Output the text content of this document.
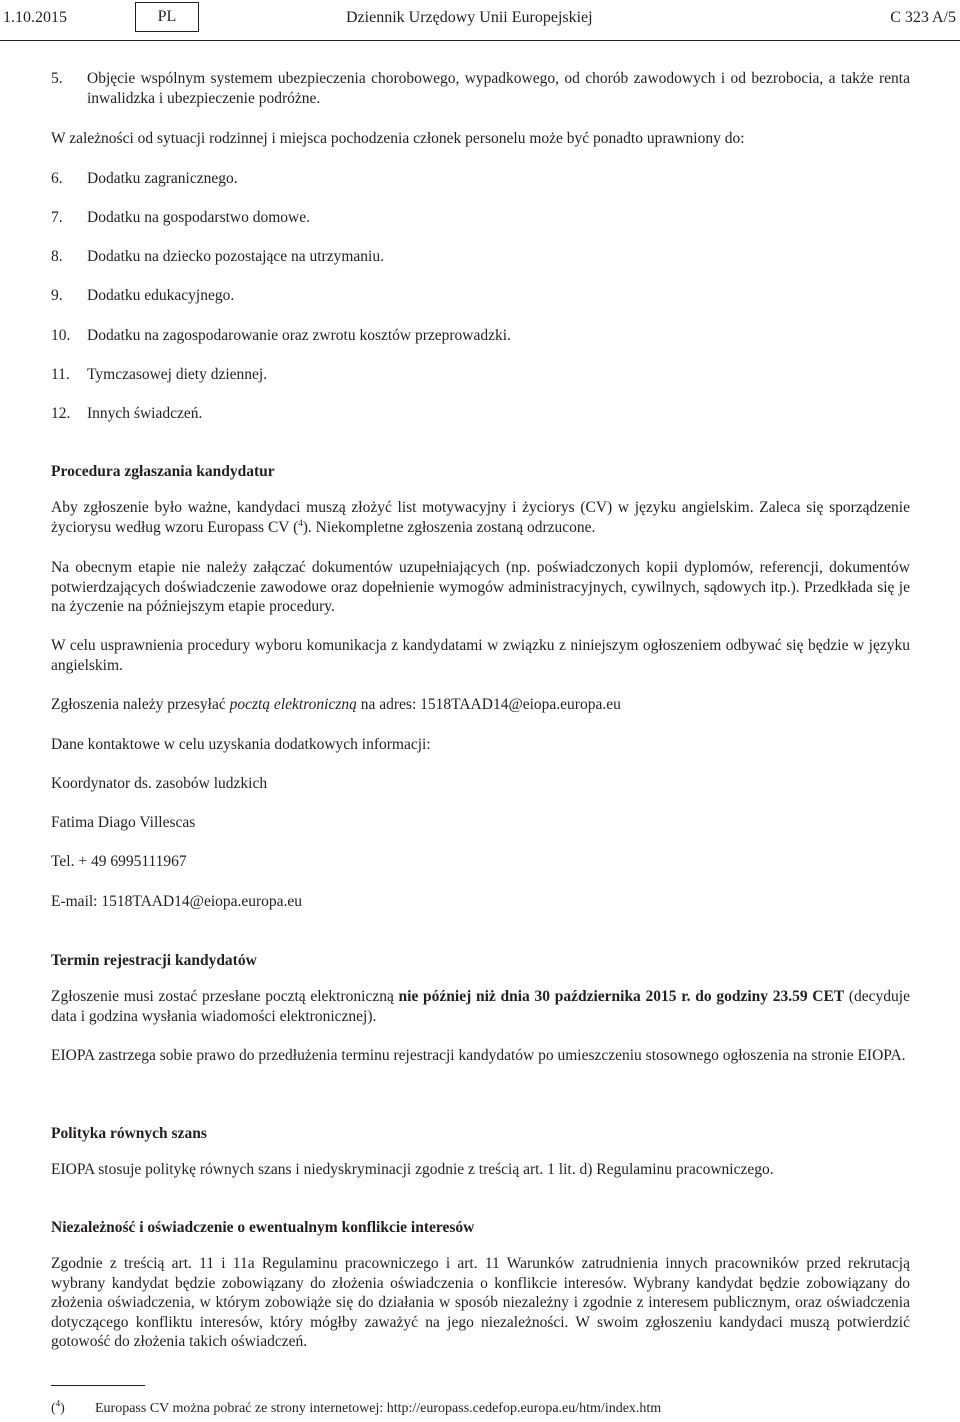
1.10.2015	PL	Dziennik Urzędowy Unii Europejskiej	C 323 A/5
5.	Objęcie wspólnym systemem ubezpieczenia chorobowego, wypadkowego, od chorób zawodowych i od bezrobocia, a także renta inwalidzka i ubezpieczenie podróżne.
W zależności od sytuacji rodzinnej i miejsca pochodzenia członek personelu może być ponadto uprawniony do:
6. Dodatku zagranicznego.
7. Dodatku na gospodarstwo domowe.
8. Dodatku na dziecko pozostające na utrzymaniu.
9. Dodatku edukacyjnego.
10. Dodatku na zagospodarowanie oraz zwrotu kosztów przeprowadzki.
11. Tymczasowej diety dziennej.
12. Innych świadczeń.
Procedura zgłaszania kandydatur
Aby zgłoszenie było ważne, kandydaci muszą złożyć list motywacyjny i życiorys (CV) w języku angielskim. Zaleca się sporządzenie życiorysu według wzoru Europass CV ($^4$). Niekompletne zgłoszenia zostaną odrzucone.
Na obecnym etapie nie należy załączać dokumentów uzupełniających (np. poświadczonych kopii dyplomów, referencji, dokumentów potwierdzających doświadczenie zawodowe oraz dopełnienie wymogów administracyjnych, cywilnych, sądowych itp.). Przedkłada się je na życzenie na późniejszym etapie procedury.
W celu usprawnienia procedury wyboru komunikacja z kandydatami w związku z niniejszym ogłoszeniem odbywać się będzie w języku angielskim.
Zgłoszenia należy przesyłać pocztą elektroniczną na adres: 1518TAAD14@eiopa.europa.eu
Dane kontaktowe w celu uzyskania dodatkowych informacji:
Koordynator ds. zasobów ludzkich
Fatima Diago Villescas
Tel. + 49 6995111967
E-mail: 1518TAAD14@eiopa.europa.eu
Termin rejestracji kandydatów
Zgłoszenie musi zostać przesłane pocztą elektroniczną nie później niż dnia 30 października 2015 r. do godziny 23.59 CET (decyduje data i godzina wysłania wiadomości elektronicznej).
EIOPA zastrzega sobie prawo do przedłużenia terminu rejestracji kandydatów po umieszczeniu stosownego ogłoszenia na stronie EIOPA.
Polityka równych szans
EIOPA stosuje politykę równych szans i niedyskryminacji zgodnie z treścią art. 1 lit. d) Regulaminu pracowniczego.
Niezależność i oświadczenie o ewentualnym konflikcie interesów
Zgodnie z treścią art. 11 i 11a Regulaminu pracowniczego i art. 11 Warunków zatrudnienia innych pracowników przed rekrutacją wybrany kandydat będzie zobowiązany do złożenia oświadczenia o konflikcie interesów. Wybrany kandydat będzie zobowiązany do złożenia oświadczenia, w którym zobowiąże się do działania w sposób niezależny i zgodnie z interesem publicznym, oraz oświadczenia dotyczącego konfliktu interesów, który mógłby zaważyć na jego niezależności. W swoim zgłoszeniu kandydaci muszą potwierdzić gotowość do złożenia takich oświadczeń.
($^4$) Europass CV można pobrać ze strony internetowej: http://europass.cedefop.europa.eu/htm/index.htm
